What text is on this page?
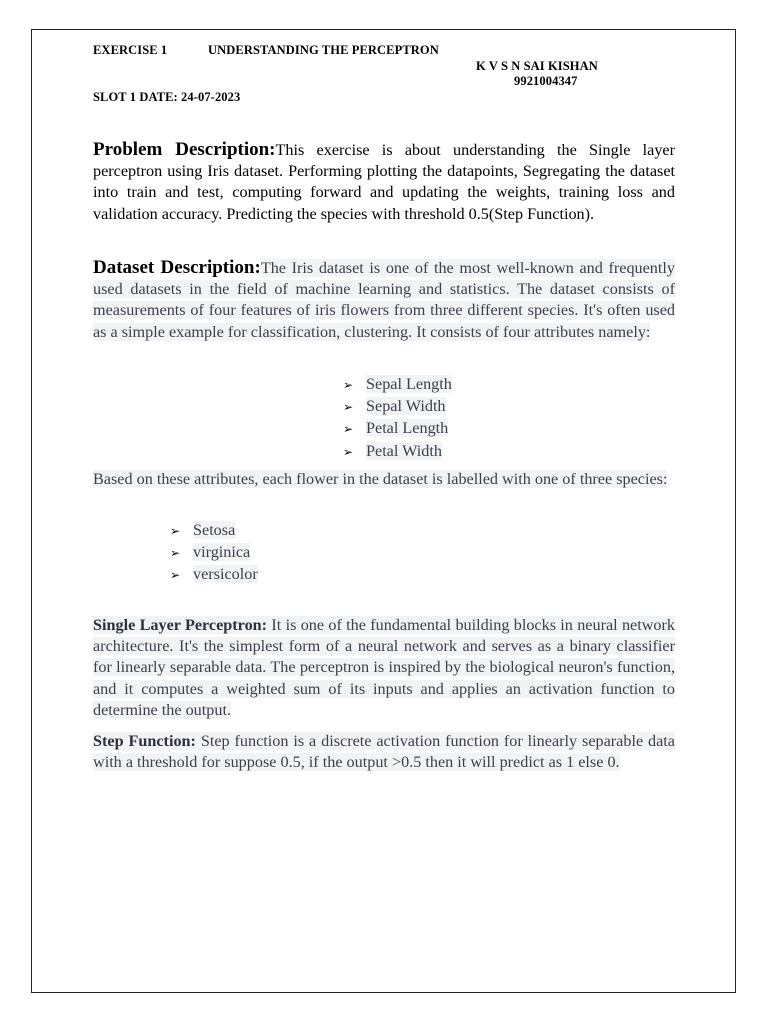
EXERCISE 1	UNDERSTANDING THE PERCEPTRON
K V S N SAI KISHAN
9921004347
SLOT 1 DATE: 24-07-2023
Problem Description:This exercise is about understanding the Single layer perceptron using Iris dataset. Performing plotting the datapoints, Segregating the dataset into train and test, computing forward and updating the weights, training loss and validation accuracy. Predicting the species with threshold 0.5(Step Function).
Dataset Description:The Iris dataset is one of the most well-known and frequently used datasets in the field of machine learning and statistics. The dataset consists of measurements of four features of iris flowers from three different species. It's often used as a simple example for classification, clustering. It consists of four attributes namely:
➢ Sepal Length
➢ Sepal Width
➢ Petal Length
➢ Petal Width
Based on these attributes, each flower in the dataset is labelled with one of three species:
➢ Setosa
➢ virginica
➢ versicolor
Single Layer Perceptron: It is one of the fundamental building blocks in neural network architecture. It's the simplest form of a neural network and serves as a binary classifier for linearly separable data. The perceptron is inspired by the biological neuron's function, and it computes a weighted sum of its inputs and applies an activation function to determine the output.
Step Function: Step function is a discrete activation function for linearly separable data with a threshold for suppose 0.5, if the output >0.5 then it will predict as 1 else 0.
